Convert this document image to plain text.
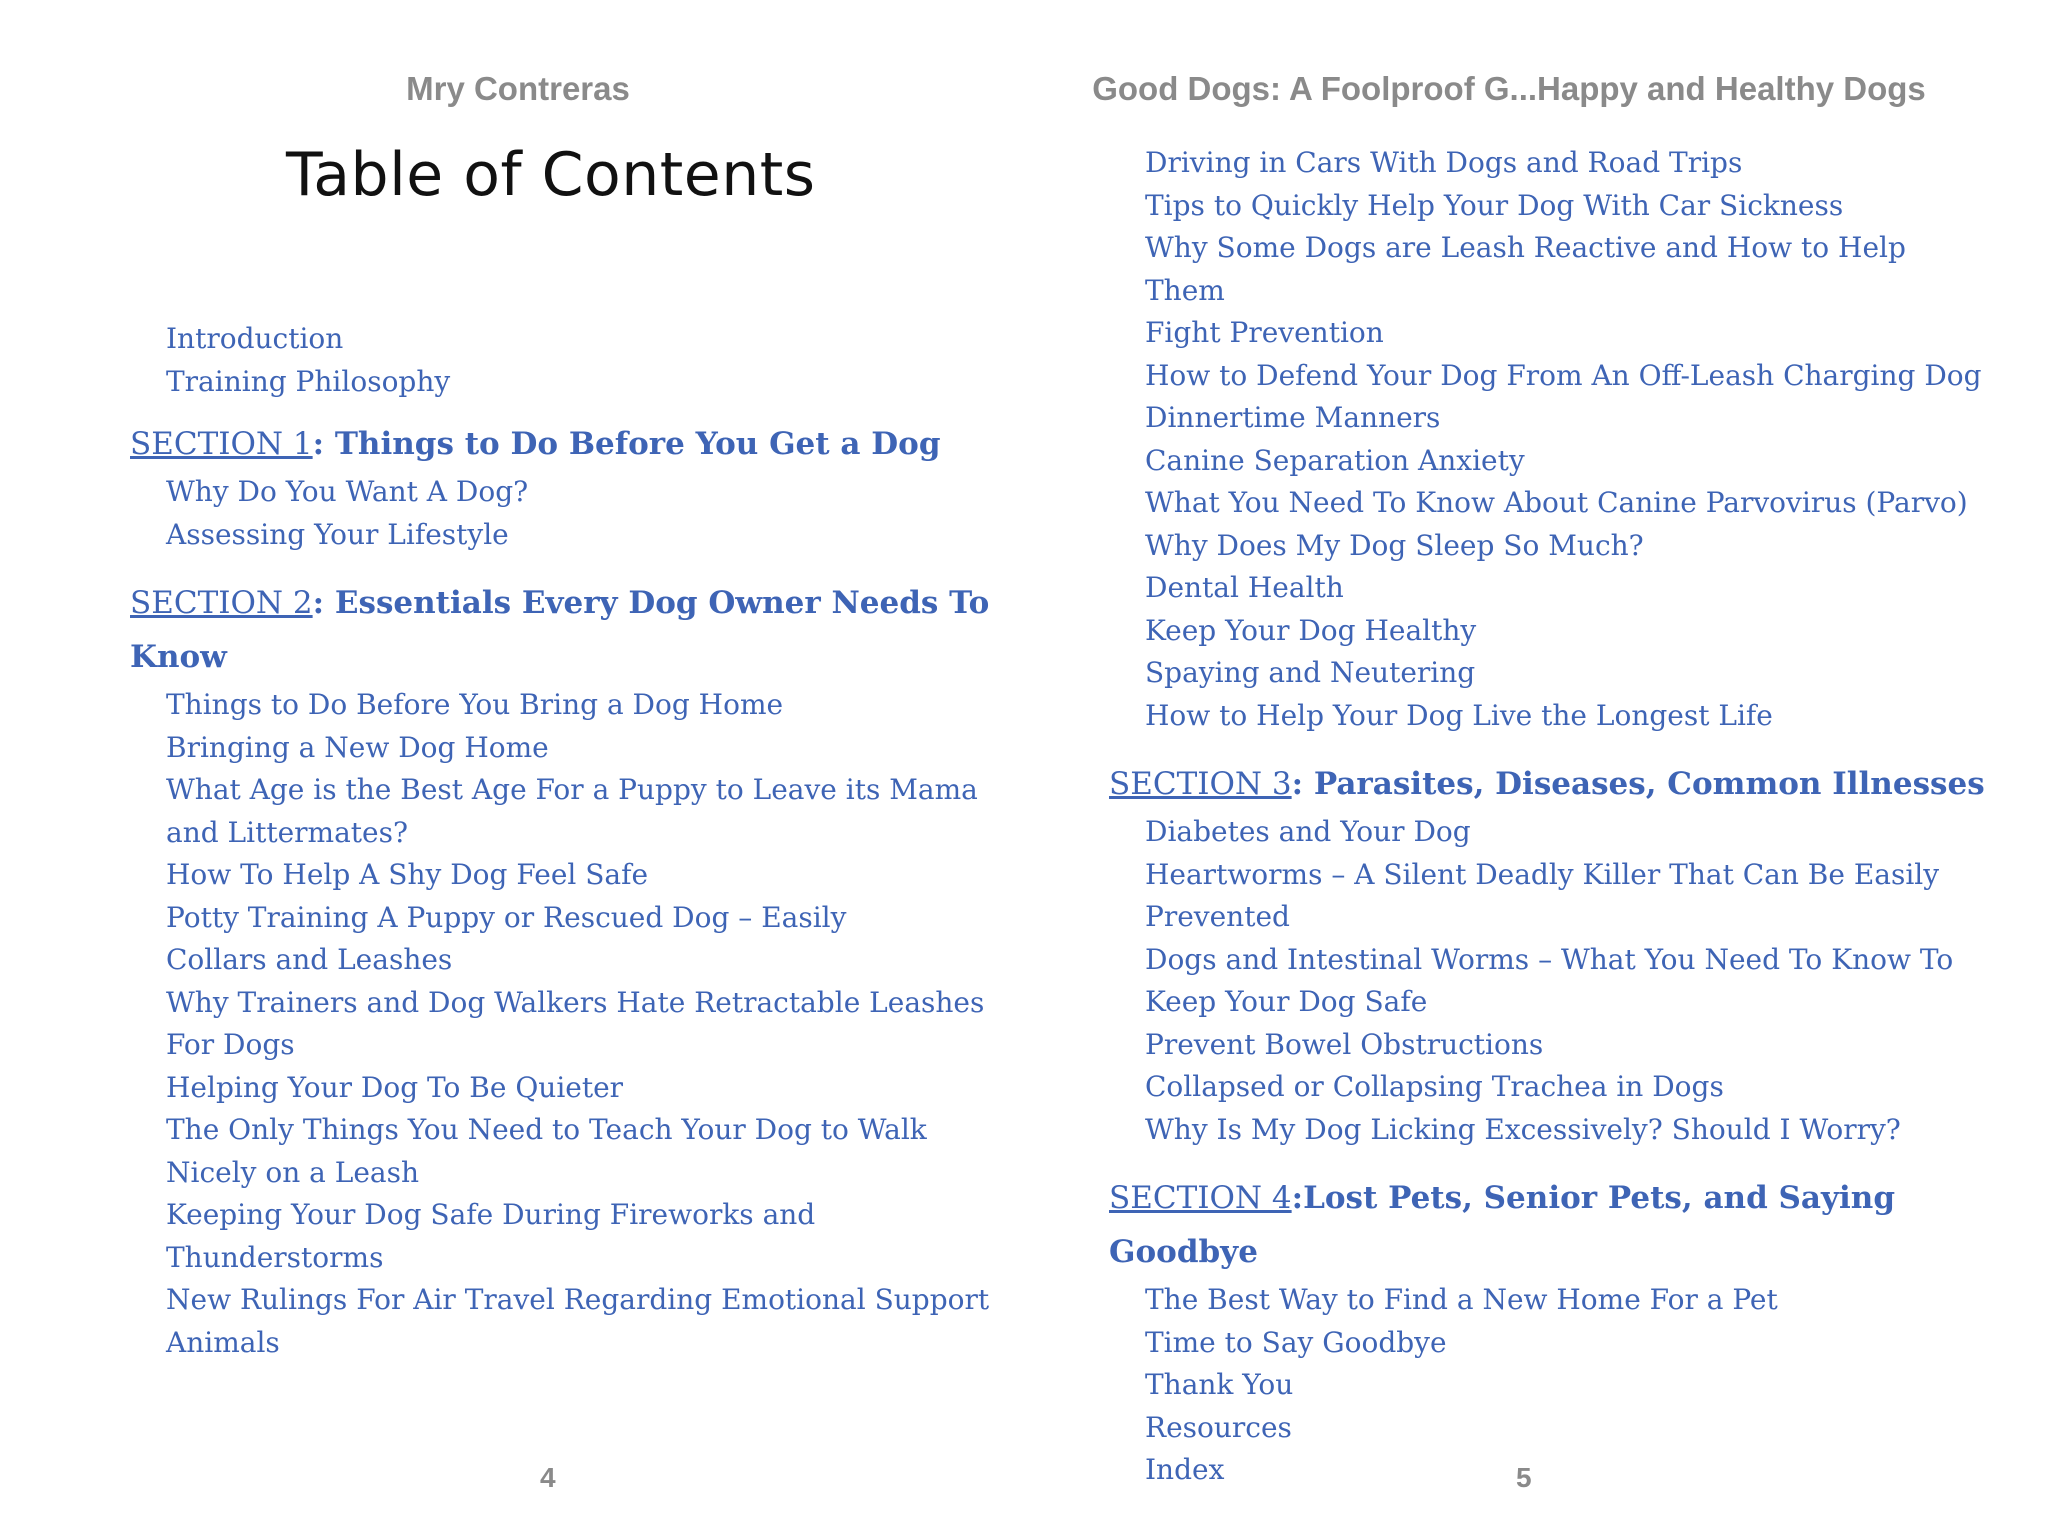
Mry Contreras
Table of Contents
Introduction
Training Philosophy
SECTION 1: Things to Do Before You Get a Dog
Why Do You Want A Dog?
Assessing Your Lifestyle
SECTION 2: Essentials Every Dog Owner Needs To Know
Things to Do Before You Bring a Dog Home
Bringing a New Dog Home
What Age is the Best Age For a Puppy to Leave its Mama and Littermates?
How To Help A Shy Dog Feel Safe
Potty Training A Puppy or Rescued Dog – Easily
Collars and Leashes
Why Trainers and Dog Walkers Hate Retractable Leashes For Dogs
Helping Your Dog To Be Quieter
The Only Things You Need to Teach Your Dog to Walk Nicely on a Leash
Keeping Your Dog Safe During Fireworks and Thunderstorms
New Rulings For Air Travel Regarding Emotional Support Animals
4
Good Dogs: A Foolproof G...Happy and Healthy Dogs
Driving in Cars With Dogs and Road Trips
Tips to Quickly Help Your Dog With Car Sickness
Why Some Dogs are Leash Reactive and How to Help Them
Fight Prevention
How to Defend Your Dog From An Off-Leash Charging Dog
Dinnertime Manners
Canine Separation Anxiety
What You Need To Know About Canine Parvovirus (Parvo)
Why Does My Dog Sleep So Much?
Dental Health
Keep Your Dog Healthy
Spaying and Neutering
How to Help Your Dog Live the Longest Life
SECTION 3: Parasites, Diseases, Common Illnesses
Diabetes and Your Dog
Heartworms – A Silent Deadly Killer That Can Be Easily Prevented
Dogs and Intestinal Worms – What You Need To Know To Keep Your Dog Safe
Prevent Bowel Obstructions
Collapsed or Collapsing Trachea in Dogs
Why Is My Dog Licking Excessively? Should I Worry?
SECTION 4:Lost Pets, Senior Pets, and Saying Goodbye
The Best Way to Find a New Home For a Pet
Time to Say Goodbye
Thank You
Resources
Index	5
